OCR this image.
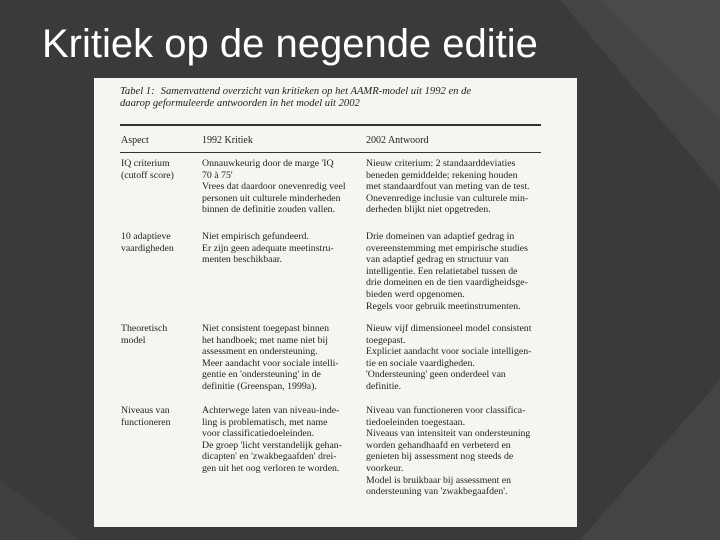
Kritiek op de negende editie
Tabel 1: Samenvattend overzicht van kritieken op het AAMR-model uit 1992 en de
daarop geformuleerde antwoorden in het model uit 2002
Aspect	1992 Kritiek	2002 Antwoord
IQ criterium
(cutoff score)
Onnauwkeurig door de marge 'IQ
70 à 75'
Vrees dat daardoor onevenredig veel
personen uit culturele minderheden
binnen de definitie zouden vallen.
Nieuw criterium: 2 standaarddeviaties
beneden gemiddelde; rekening houden
met standaardfout van meting van de test.
Onevenredige inclusie van culturele min-
derheden blijkt niet opgetreden.
10 adaptieve
vaardigheden
Niet empirisch gefundeerd.
Er zijn geen adequate meetinstru-
menten beschikbaar.
Drie domeinen van adaptief gedrag in
overeenstemming met empirische studies
van adaptief gedrag en structuur van
intelligentie. Een relatietabel tussen de
drie domeinen en de tien vaardigheidsge-
bieden werd opgenomen.
Regels voor gebruik meetinstrumenten.
Theoretisch
model
Niet consistent toegepast binnen
het handboek; met name niet bij
assessment en ondersteuning.
Meer aandacht voor sociale intelli-
gentie en 'ondersteuning' in de
definitie (Greenspan, 1999a).
Nieuw vijf dimensioneel model consistent
toegepast.
Expliciet aandacht voor sociale intelligen-
tie en sociale vaardigheden.
'Ondersteuning' geen onderdeel van
definitie.
Niveaus van
functioneren
Achterwege laten van niveau-inde-
ling is problematisch, met name
voor classificatiedoeleinden.
De groep 'licht verstandelijk gehan-
dicapten' en 'zwakbegaafden' drei-
gen uit het oog verloren te worden.
Niveau van functioneren voor classifica-
tiedoeleinden toegestaan.
Niveaus van intensiteit van ondersteuning
worden gehandhaafd en verbeterd en
genieten bij assessment nog steeds de
voorkeur.
Model is bruikbaar bij assessment en
ondersteuning van 'zwakbegaafden'.
